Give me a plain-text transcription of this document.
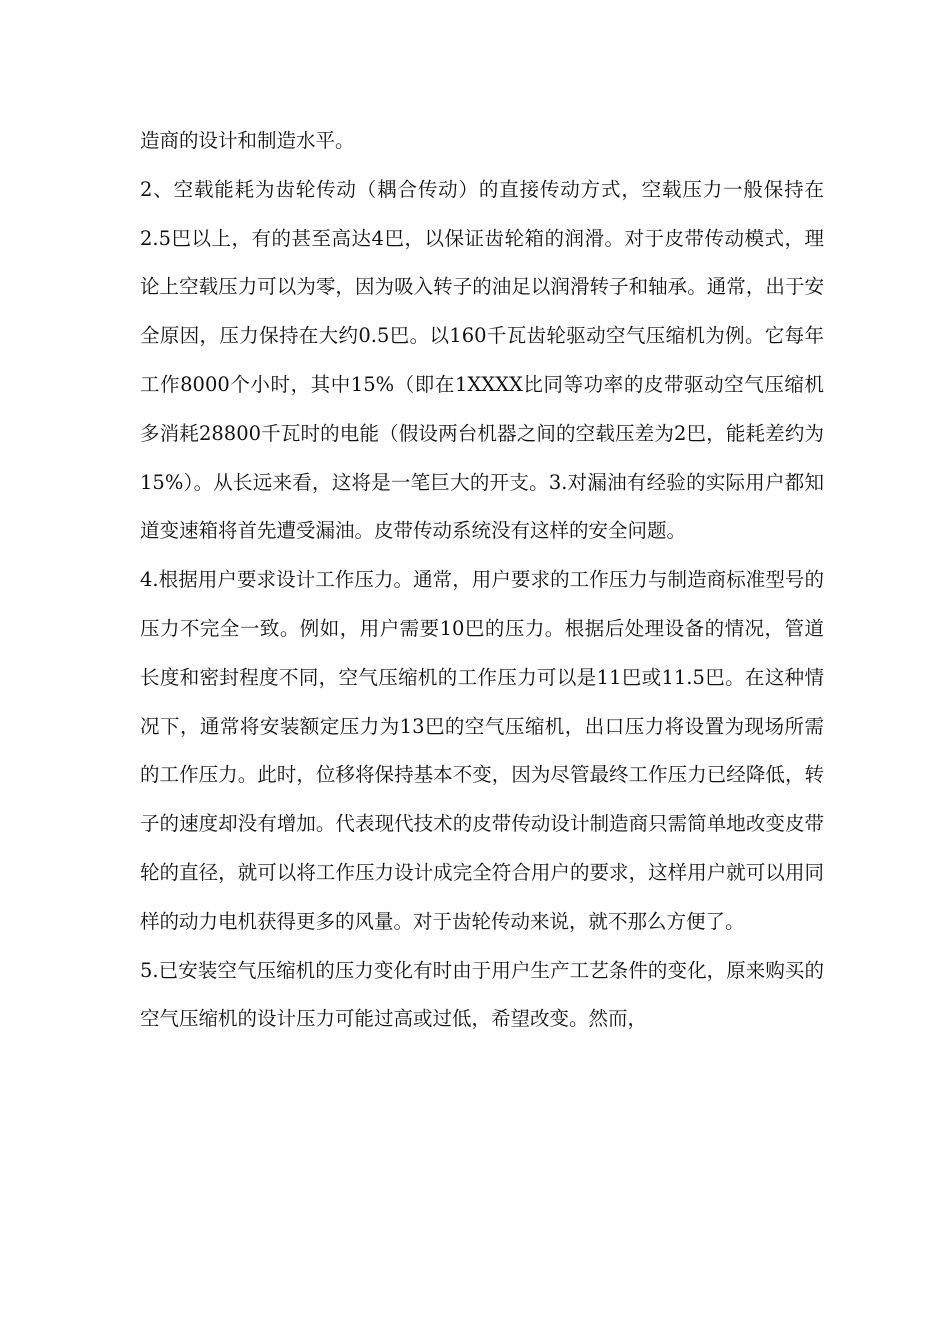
造商的设计和制造水平。

2、空载能耗为齿轮传动（耦合传动）的直接传动方式，空载压力一般保持在2.5巴以上，有的甚至高达4巴，以保证齿轮箱的润滑。对于皮带传动模式，理论上空载压力可以为零，因为吸入转子的油足以润滑转子和轴承。通常，出于安全原因，压力保持在大约0.5巴。以160千瓦齿轮驱动空气压缩机为例。它每年工作8000个小时，其中15%（即在1XXXX比同等功率的皮带驱动空气压缩机多消耗28800千瓦时的电能（假设两台机器之间的空载压差为2巴，能耗差约为15%）。从长远来看，这将是一笔巨大的开支。3.对漏油有经验的实际用户都知道变速箱将首先遭受漏油。皮带传动系统没有这样的安全问题。

4.根据用户要求设计工作压力。通常，用户要求的工作压力与制造商标准型号的压力不完全一致。例如，用户需要10巴的压力。根据后处理设备的情况，管道长度和密封程度不同，空气压缩机的工作压力可以是11巴或11.5巴。在这种情况下，通常将安装额定压力为13巴的空气压缩机，出口压力将设置为现场所需的工作压力。此时，位移将保持基本不变，因为尽管最终工作压力已经降低，转子的速度却没有增加。代表现代技术的皮带传动设计制造商只需简单地改变皮带轮的直径，就可以将工作压力设计成完全符合用户的要求，这样用户就可以用同样的动力电机获得更多的风量。对于齿轮传动来说，就不那么方便了。

5.已安装空气压缩机的压力变化有时由于用户生产工艺条件的变化，原来购买的空气压缩机的设计压力可能过高或过低，希望改变。然而，
